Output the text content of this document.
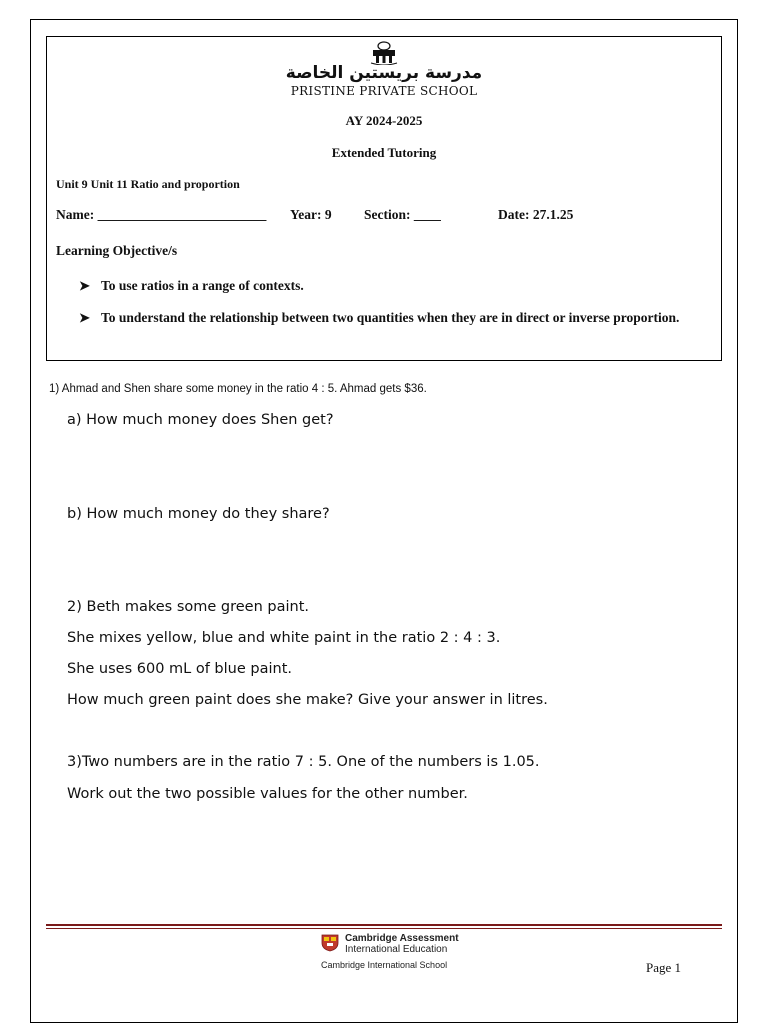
مدرسة بريستين الخاصة
PRISTINE PRIVATE SCHOOL
AY 2024-2025
Extended Tutoring
Unit 9 Unit 11 Ratio and proportion
Name: _________________________ Year: 9 Section: ____	Date: 27.1.25
Learning Objective/s
➤ To use ratios in a range of contexts.
➤ To understand the relationship between two quantities when they are in direct or inverse proportion.
1) Ahmad and Shen share some money in the ratio 4 : 5. Ahmad gets $36.
a) How much money does Shen get?
b) How much money do they share?
2) Beth makes some green paint.
She mixes yellow, blue and white paint in the ratio 2 : 4 : 3.
She uses 600 mL of blue paint.
How much green paint does she make? Give your answer in litres.
3)Two numbers are in the ratio 7 : 5. One of the numbers is 1.05.
Work out the two possible values for the other number.
Cambridge Assessment
International Education
Cambridge International School	Page 1
